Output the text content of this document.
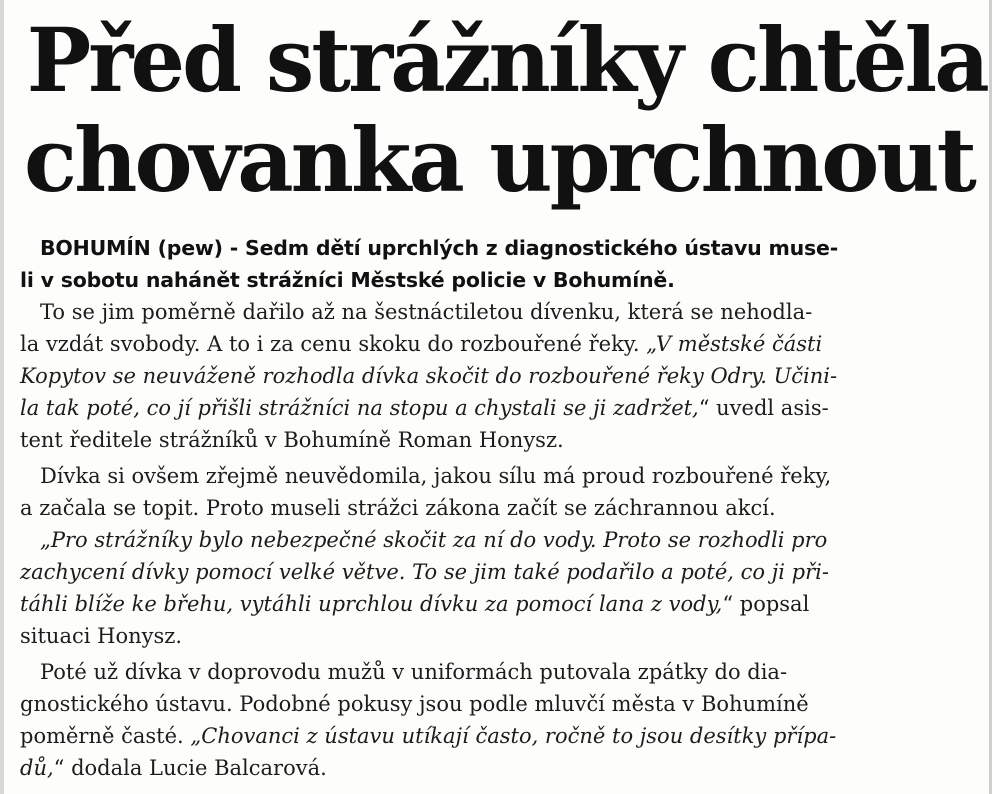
Před strážníky chtěla
chovanka uprchnout
BOHUMÍN (pew) - Sedm dětí uprchlých z diagnostického ústavu muse-
li v sobotu nahánět strážníci Městské policie v Bohumíně.
To se jim poměrně dařilo až na šestnáctiletou dívenku, která se nehodla-
la vzdát svobody. A to i za cenu skoku do rozbouřené řeky. „V městské části
Kopytov se neuváženě rozhodla dívka skočit do rozbouřené řeky Odry. Učini-
la tak poté, co jí přišli strážníci na stopu a chystali se ji zadržet,“ uvedl asis-
tent ředitele strážníků v Bohumíně Roman Honysz.
Dívka si ovšem zřejmě neuvědomila, jakou sílu má proud rozbouřené řeky,
a začala se topit. Proto museli strážci zákona začít se záchrannou akcí.
„Pro strážníky bylo nebezpečné skočit za ní do vody. Proto se rozhodli pro
zachycení dívky pomocí velké větve. To se jim také podařilo a poté, co ji při-
táhli blíže ke břehu, vytáhli uprchlou dívku za pomocí lana z vody,“ popsal
situaci Honysz.
Poté už dívka v doprovodu mužů v uniformách putovala zpátky do dia-
gnostického ústavu. Podobné pokusy jsou podle mluvčí města v Bohumíně
poměrně časté. „Chovanci z ústavu utíkají často, ročně to jsou desítky přípa-
dů,“ dodala Lucie Balcarová.
